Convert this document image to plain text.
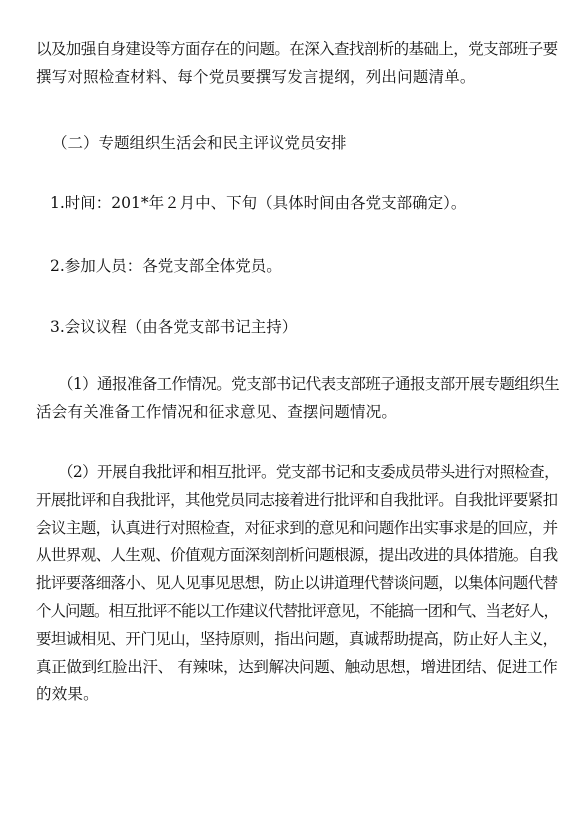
以及加强自身建设等方面存在的问题。在深入查找剖析的基础上，党支部班子要
撰写对照检查材料、每个党员要撰写发言提纲，列出问题清单。

（二）专题组织生活会和民主评议党员安排

1.时间：201*年２月中、下旬（具体时间由各党支部确定）。

2.参加人员：各党支部全体党员。

3.会议议程（由各党支部书记主持）

（1）通报准备工作情况。党支部书记代表支部班子通报支部开展专题组织生
活会有关准备工作情况和征求意见、查摆问题情况。

（2）开展自我批评和相互批评。党支部书记和支委成员带头进行对照检查，
开展批评和自我批评，其他党员同志接着进行批评和自我批评。自我批评要紧扣
会议主题，认真进行对照检查，对征求到的意见和问题作出实事求是的回应，并
从世界观、人生观、价值观方面深刻剖析问题根源，提出改进的具体措施。自我
批评要落细落小、见人见事见思想，防止以讲道理代替谈问题，以集体问题代替
个人问题。相互批评不能以工作建议代替批评意见，不能搞一团和气、当老好人，
要坦诚相见、开门见山，坚持原则，指出问题，真诚帮助提高，防止好人主义，
真正做到红脸出汗、 有辣味，达到解决问题、触动思想，增进团结、促进工作
的效果。
